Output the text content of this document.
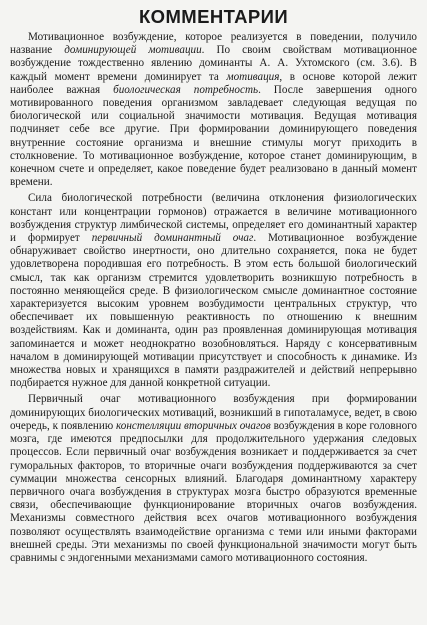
КОММЕНТАРИИ

Мотивационное возбуждение, которое реализуется в поведении, получило название доминирующей мотивации. По своим свойствам мотивационное возбуждение тождественно явлению доминанты А. А. Ухтомского (см. 3.6). В каждый момент времени доминирует та мотивация, в основе которой лежит наиболее важная биологическая потребность. После завершения одного мотивированного поведения организмом завладевает следующая ведущая по биологической или социальной значимости мотивация. Ведущая мотивация подчиняет себе все другие. При формировании доминирующего поведения внутренние состояние организма и внешние стимулы могут приходить в столкновение. То мотивационное возбуждение, которое станет доминирующим, в конечном счете и определяет, какое поведение будет реализовано в данный момент времени.

Сила биологической потребности (величина отклонения физиологических констант или концентрации гормонов) отражается в величине мотивационного возбуждения структур лимбической системы, определяет его доминантный характер и формирует первичный доминантный очаг. Мотивационное возбуждение обнаруживает свойство инертности, оно длительно сохраняется, пока не будет удовлетворена породившая его потребность. В этом есть большой биологический смысл, так как организм стремится удовлетворить возникшую потребность в постоянно меняющейся среде. В физиологическом смысле доминантное состояние характеризуется высоким уровнем возбудимости центральных структур, что обеспечивает их повышенную реактивность по отношению к внешним воздействиям. Как и доминанта, один раз проявленная доминирующая мотивация запоминается и может неоднократно возобновляться. Наряду с консервативным началом в доминирующей мотивации присутствует и способность к динамике. Из множества новых и хранящихся в памяти раздражителей и действий непрерывно подбирается нужное для данной конкретной ситуации.

Первичный очаг мотивационного возбуждения при формировании доминирующих биологических мотиваций, возникший в гипоталамусе, ведет, в свою очередь, к появлению констелляции вторичных очагов возбуждения в коре головного мозга, где имеются предпосылки для продолжительного удержания следовых процессов. Если первичный очаг возбуждения возникает и поддерживается за счет гуморальных факторов, то вторичные очаги возбуждения поддерживаются за счет суммации множества сенсорных влияний. Благодаря доминантному характеру первичного очага возбуждения в структурах мозга быстро образуются временные связи, обеспечивающие функционирование вторичных очагов возбуждения. Механизмы совместного действия всех очагов мотивационного возбуждения позволяют осуществлять взаимодействие организма с теми или иными факторами внешней среды. Эти механизмы по своей функциональной значимости могут быть сравнимы с эндогенными механизмами самого мотивационного состояния.
